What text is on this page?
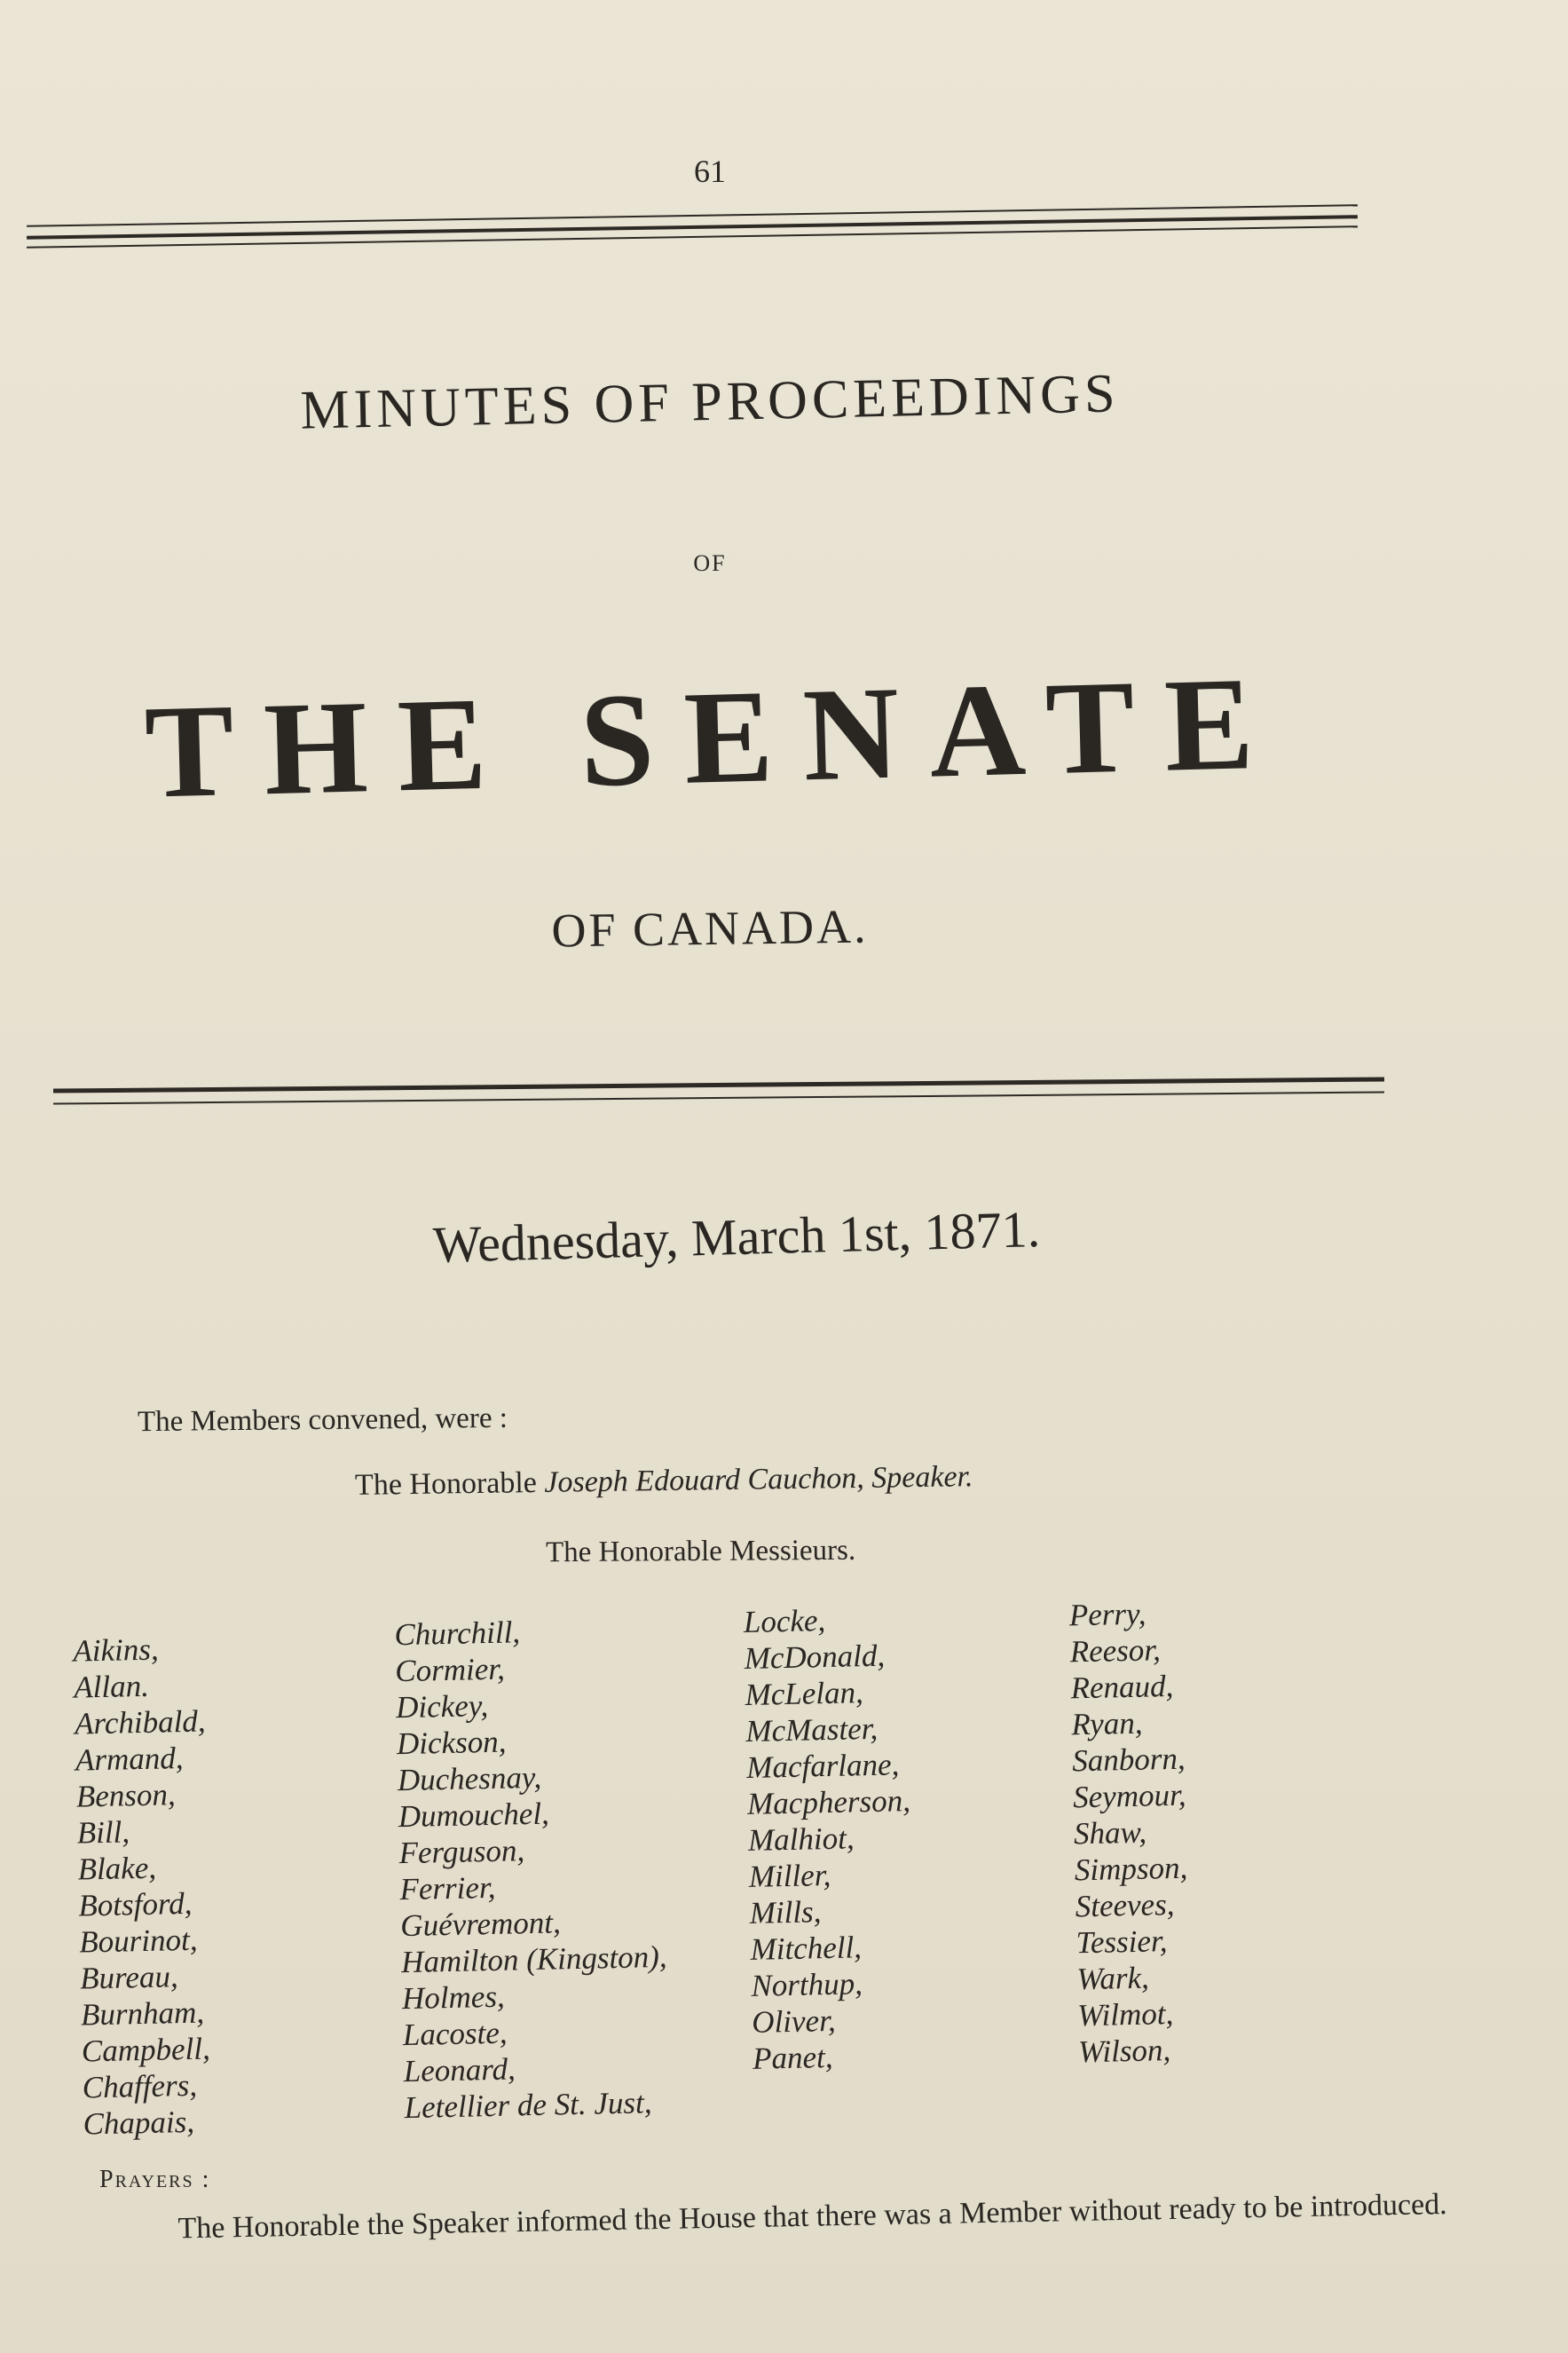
61
MINUTES OF PROCEEDINGS
OF
THE SENATE
OF CANADA.
Wednesday, March 1st, 1871.
The Members convened, were :
The Honorable Joseph Edouard Cauchon, Speaker.
The Honorable Messieurs.
Aikins,
Allan.
Archibald,
Armand,
Benson,
Bill,
Blake,
Botsford,
Bourinot,
Bureau,
Burnham,
Campbell,
Chaffers,
Chapais,
Churchill,
Cormier,
Dickey,
Dickson,
Duchesnay,
Dumouchel,
Ferguson,
Ferrier,
Guévremont,
Hamilton (Kingston),
Holmes,
Lacoste,
Leonard,
Letellier de St. Just,
Locke,
McDonald,
McLelan,
McMaster,
Macfarlane,
Macpherson,
Malhiot,
Miller,
Mills,
Mitchell,
Northup,
Oliver,
Panet,
Perry,
Reesor,
Renaud,
Ryan,
Sanborn,
Seymour,
Shaw,
Simpson,
Steeves,
Tessier,
Wark,
Wilmot,
Wilson,
Prayers :
The Honorable the Speaker informed the House that there was a Member without ready to be introduced.
